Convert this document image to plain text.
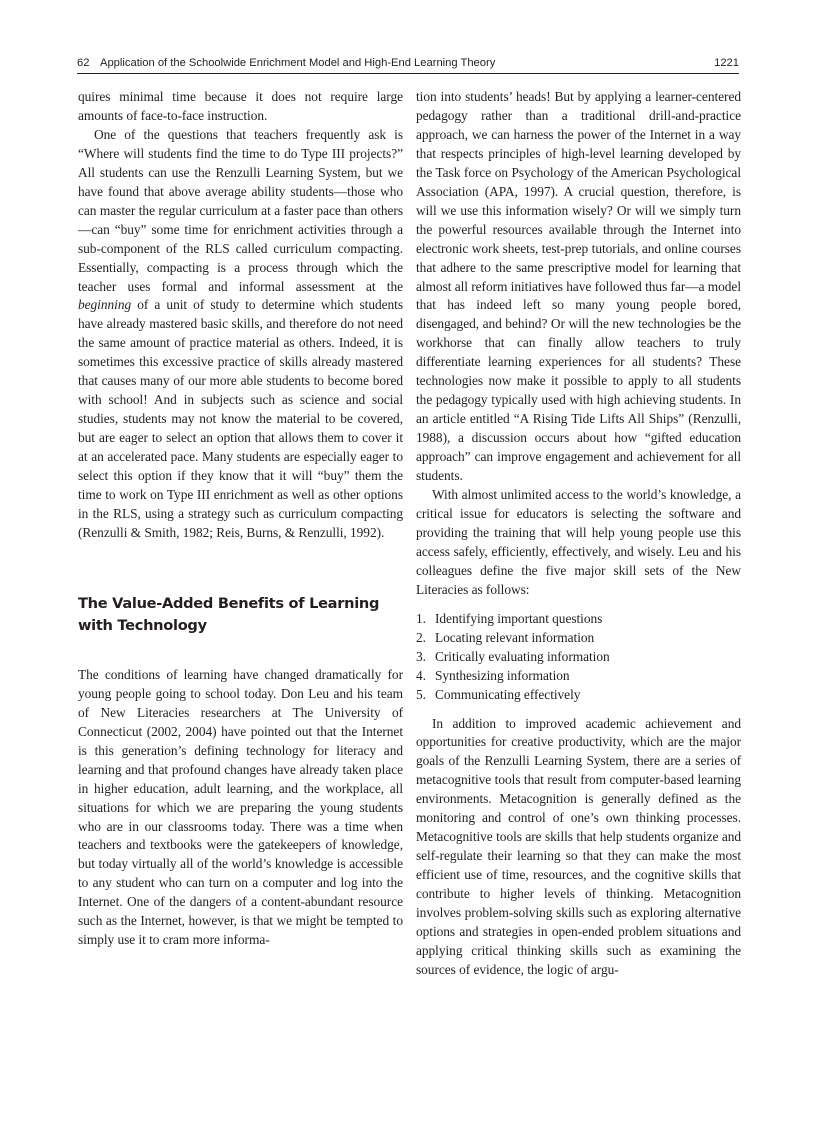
62 Application of the Schoolwide Enrichment Model and High-End Learning Theory	1221

quires minimal time because it does not require large amounts of face-to-face instruction.

One of the questions that teachers frequently ask is “Where will students find the time to do Type III projects?” All students can use the Renzulli Learning System, but we have found that above average ability students—those who can master the regular curriculum at a faster pace than others—can “buy” some time for enrichment activities through a sub-component of the RLS called curriculum compacting. Essentially, compacting is a process through which the teacher uses formal and informal assessment at the beginning of a unit of study to determine which students have already mastered basic skills, and therefore do not need the same amount of practice material as others. Indeed, it is sometimes this excessive practice of skills already mastered that causes many of our more able students to become bored with school! And in subjects such as science and social studies, students may not know the material to be covered, but are eager to select an option that allows them to cover it at an accelerated pace. Many students are especially eager to select this option if they know that it will “buy” them the time to work on Type III enrichment as well as other options in the RLS, using a strategy such as curriculum compacting (Renzulli & Smith, 1982; Reis, Burns, & Renzulli, 1992).

The Value-Added Benefits of Learning with Technology

The conditions of learning have changed dramatically for young people going to school today. Don Leu and his team of New Literacies researchers at The University of Connecticut (2002, 2004) have pointed out that the Internet is this generation’s defining technology for literacy and learning and that profound changes have already taken place in higher education, adult learning, and the workplace, all situations for which we are preparing the young students who are in our classrooms today. There was a time when teachers and textbooks were the gatekeepers of knowledge, but today virtually all of the world’s knowledge is accessible to any student who can turn on a computer and log into the Internet. One of the dangers of a content-abundant resource such as the Internet, however, is that we might be tempted to simply use it to cram more informa-

tion into students’ heads! But by applying a learner-centered pedagogy rather than a traditional drill-and-practice approach, we can harness the power of the Internet in a way that respects principles of high-level learning developed by the Task force on Psychology of the American Psychological Association (APA, 1997). A crucial question, therefore, is will we use this information wisely? Or will we simply turn the powerful resources available through the Internet into electronic work sheets, test-prep tutorials, and online courses that adhere to the same prescriptive model for learning that almost all reform initiatives have followed thus far—a model that has indeed left so many young people bored, disengaged, and behind? Or will the new technologies be the workhorse that can finally allow teachers to truly differentiate learning experiences for all students? These technologies now make it possible to apply to all students the pedagogy typically used with high achieving students. In an article entitled “A Rising Tide Lifts All Ships” (Renzulli, 1988), a discussion occurs about how “gifted education approach” can improve engagement and achievement for all students.

With almost unlimited access to the world’s knowledge, a critical issue for educators is selecting the software and providing the training that will help young people use this access safely, efficiently, effectively, and wisely. Leu and his colleagues define the five major skill sets of the New Literacies as follows:

1. Identifying important questions
2. Locating relevant information
3. Critically evaluating information
4. Synthesizing information
5. Communicating effectively

In addition to improved academic achievement and opportunities for creative productivity, which are the major goals of the Renzulli Learning System, there are a series of metacognitive tools that result from computer-based learning environments. Metacognition is generally defined as the monitoring and control of one’s own thinking processes. Metacognitive tools are skills that help students organize and self-regulate their learning so that they can make the most efficient use of time, resources, and the cognitive skills that contribute to higher levels of thinking. Metacognition involves problem-solving skills such as exploring alternative options and strategies in open-ended problem situations and applying critical thinking skills such as examining the sources of evidence, the logic of argu-
